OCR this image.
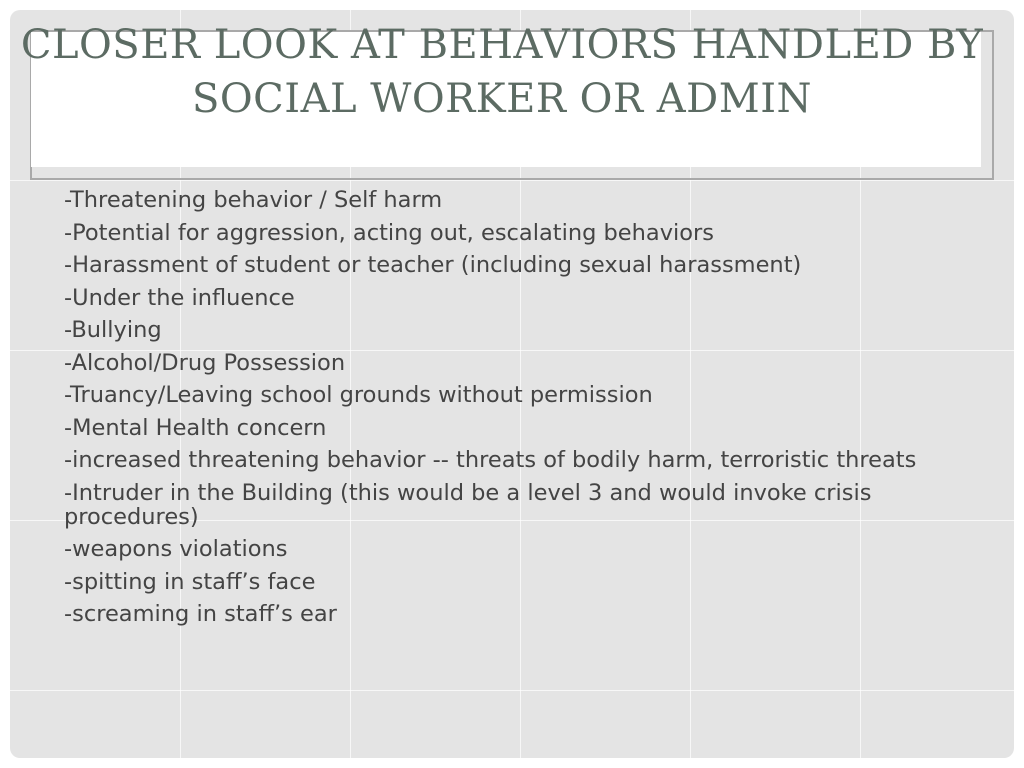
CLOSER LOOK AT BEHAVIORS HANDLED BY SOCIAL WORKER OR ADMIN
-Threatening behavior / Self harm
-Potential for aggression, acting out, escalating behaviors
-Harassment of student or teacher (including sexual harassment)
-Under the influence
-Bullying
-Alcohol/Drug Possession
-Truancy/Leaving school grounds without permission
-Mental Health concern
-increased threatening behavior -- threats of bodily harm, terroristic threats
-Intruder in the Building (this would be a level 3 and would invoke crisis procedures)
-weapons violations
-spitting in staff’s face
-screaming in staff’s ear
